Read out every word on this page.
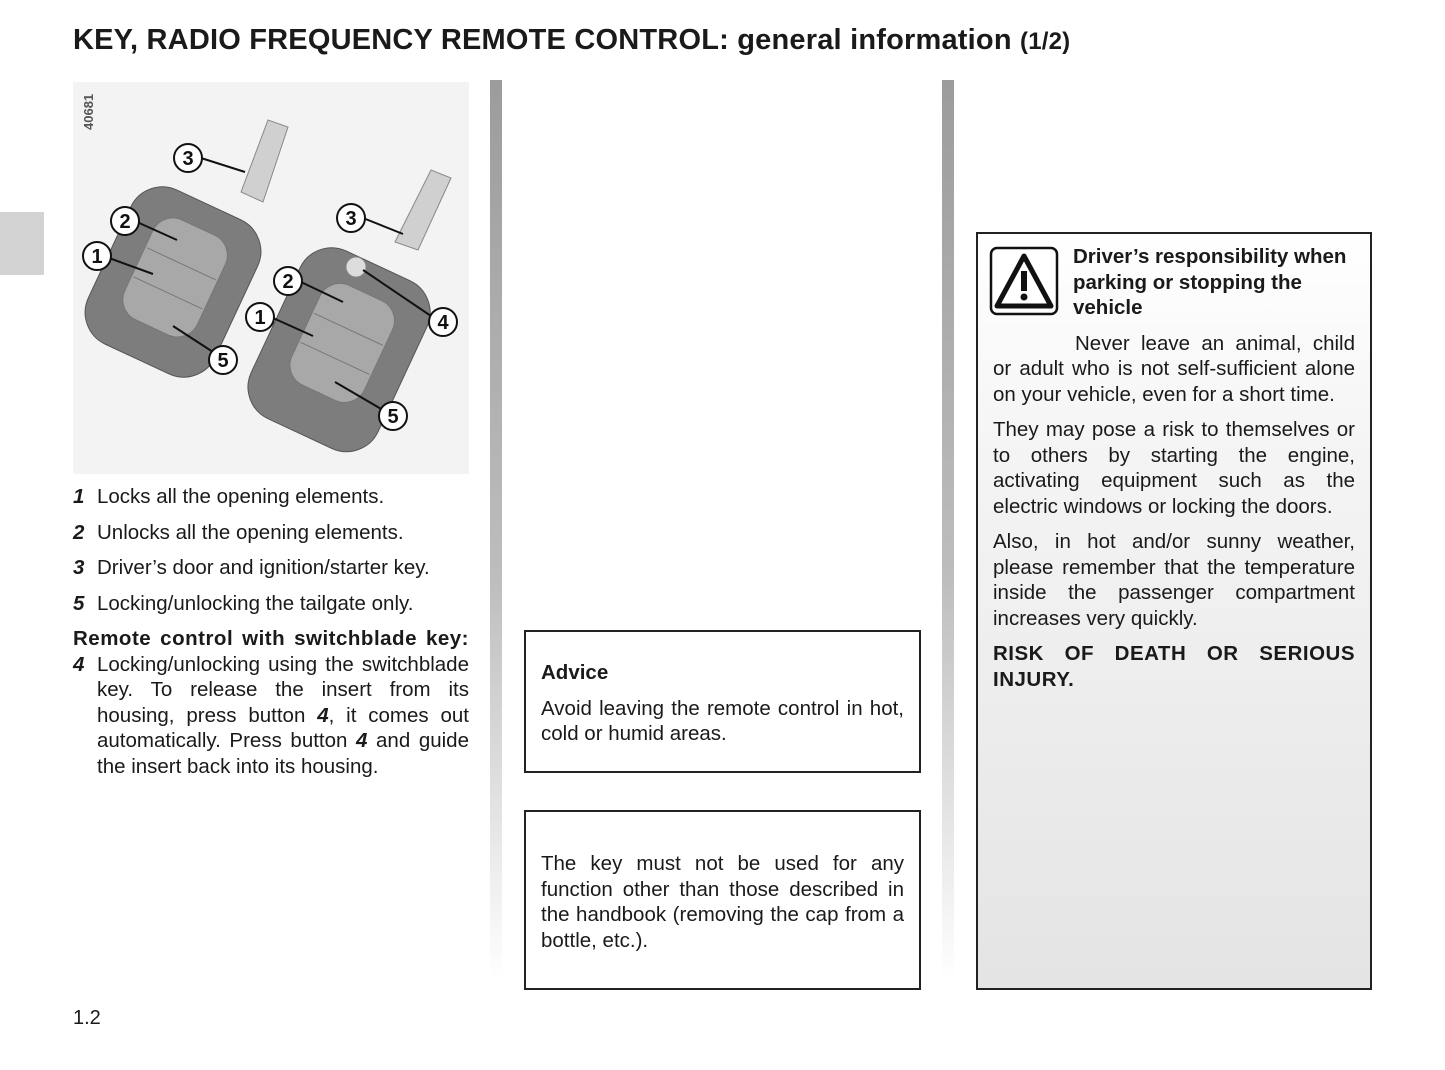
KEY, RADIO FREQUENCY REMOTE CONTROL: general information (1/2)
40681
3
2
1
5
3
2
1	4
5
1 Locks all the opening elements.
2 Unlocks all the opening elements.
3 Driver’s door and ignition/starter key.
5 Locking/unlocking the tailgate only.
Remote control with switchblade key:
4 Locking/unlocking using the switchblade key. To release the insert from its housing, press button 4, it comes out automatically. Press button 4 and guide the insert back into its housing.
Advice
Avoid leaving the remote control in hot, cold or humid areas.
The key must not be used for any function other than those described in the handbook (removing the cap from a bottle, etc.).
Driver’s responsibility when parking or stopping the vehicle

Never leave an animal, child or adult who is not self-sufficient alone on your vehicle, even for a short time.

They may pose a risk to themselves or to others by starting the engine, activating equipment such as the electric windows or locking the doors.

Also, in hot and/or sunny weather, please remember that the temperature inside the passenger compartment increases very quickly.

RISK OF DEATH OR SERIOUS INJURY.

1.2
